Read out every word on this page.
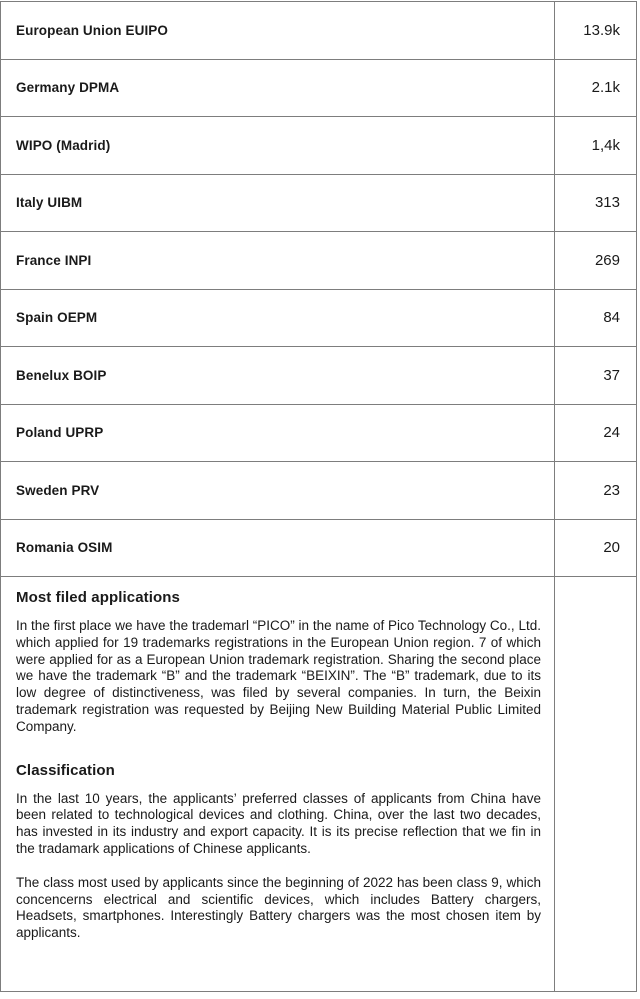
European Union EUIPO	13.9k
Germany DPMA	2.1k
WIPO (Madrid)	1,4k
Italy UIBM	313
France INPI	269
Spain OEPM	84
Benelux BOIP	37
Poland UPRP	24
Sweden PRV	23
Romania OSIM	20
Most filed applications

In the first place we have the trademarl “PICO” in the name of Pico Technology Co., Ltd. which applied for 19 trademarks registrations in the European Union region. 7 of which were applied for as a European Union trademark registration. Sharing the second place we have the trademark “B” and the trademark “BEIXIN”. The “B” trademark, due to its low degree of distinctiveness, was filed by several companies. In turn, the Beixin trademark registration was requested by Beijing New Building Material Public Limited Company.

Classification

In the last 10 years, the applicants’ preferred classes of applicants from China have been related to technological devices and clothing. China, over the last two decades, has invested in its industry and export capacity. It is its precise reflection that we fin in the tradamark applications of Chinese applicants.

The class most used by applicants since the beginning of 2022 has been class 9, which concencerns electrical and scientific devices, which includes Battery chargers, Headsets, smartphones. Interestingly Battery chargers was the most chosen item by applicants.
